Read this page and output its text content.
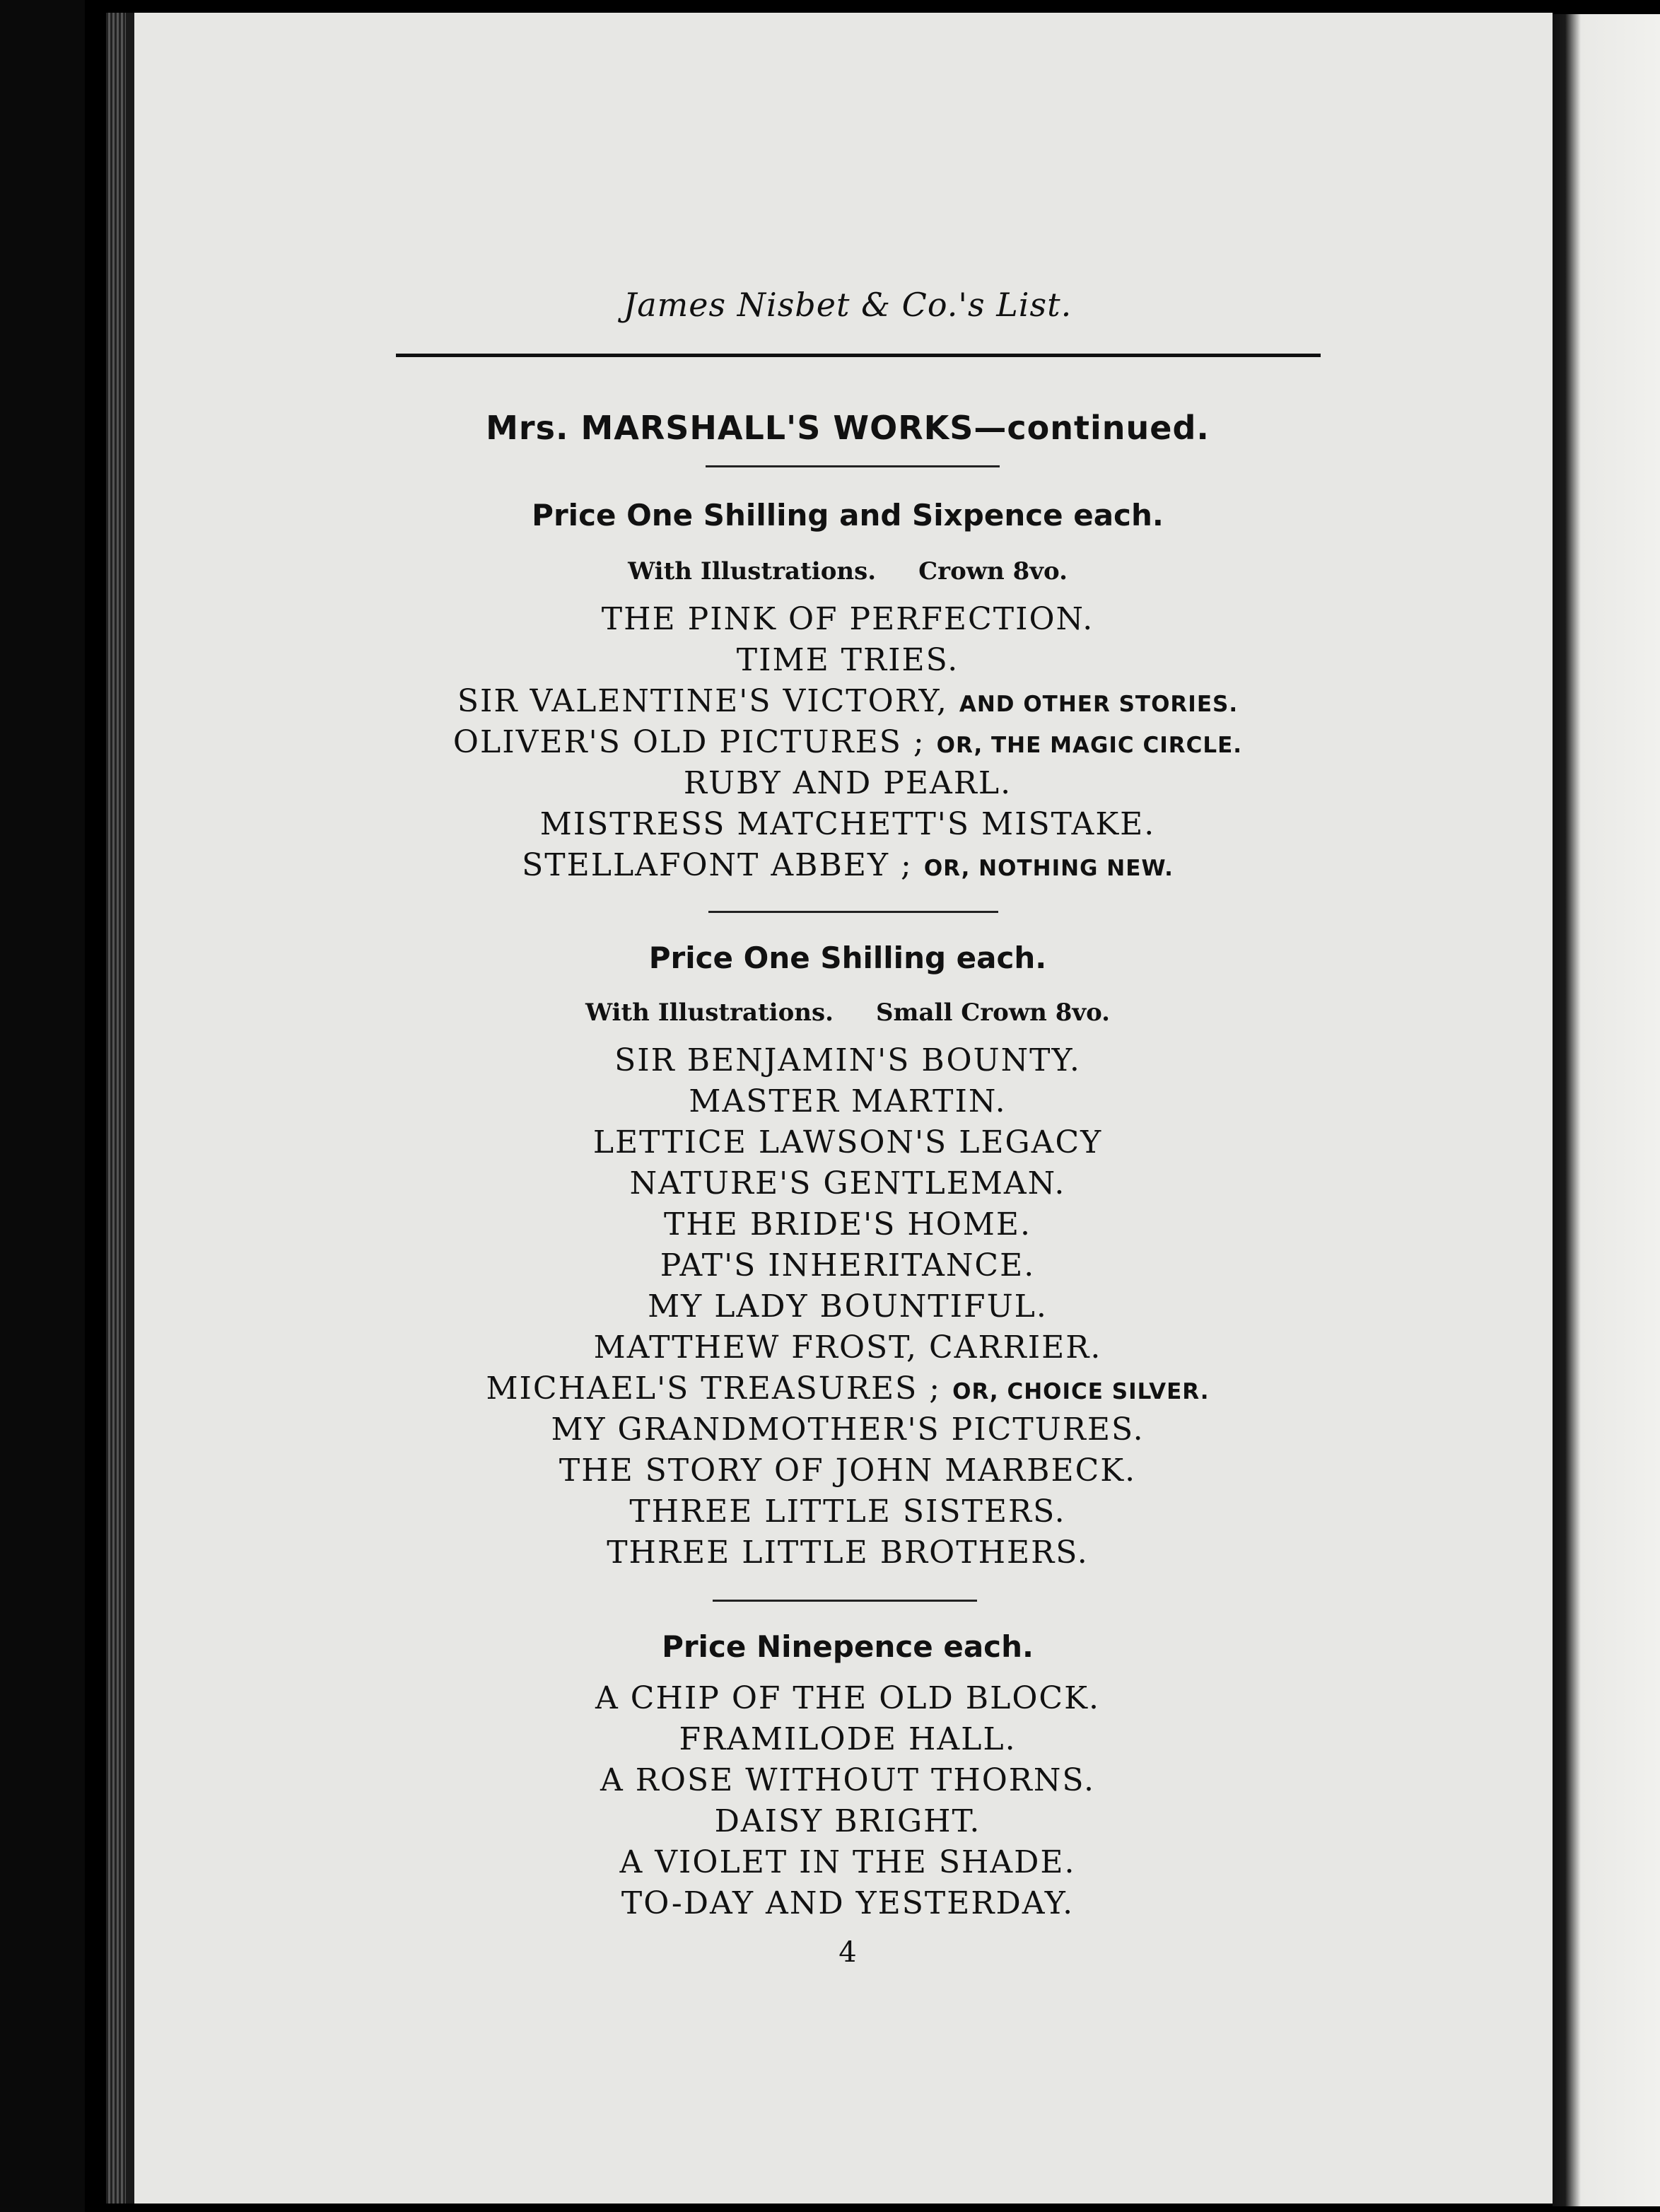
James Nisbet & Co.'s List.
Mrs. MARSHALL'S WORKS—continued.
Price One Shilling and Sixpence each.
With Illustrations. Crown 8vo.
THE PINK OF PERFECTION.
TIME TRIES.
SIR VALENTINE'S VICTORY, AND OTHER STORIES.
OLIVER'S OLD PICTURES ; OR, THE MAGIC CIRCLE.
RUBY AND PEARL.
MISTRESS MATCHETT'S MISTAKE.
STELLAFONT ABBEY ; OR, NOTHING NEW.
Price One Shilling each.
With Illustrations. Small Crown 8vo.
SIR BENJAMIN'S BOUNTY.
MASTER MARTIN.
LETTICE LAWSON'S LEGACY
NATURE'S GENTLEMAN.
THE BRIDE'S HOME.
PAT'S INHERITANCE.
MY LADY BOUNTIFUL.
MATTHEW FROST, CARRIER.
MICHAEL'S TREASURES ; OR, CHOICE SILVER.
MY GRANDMOTHER'S PICTURES.
THE STORY OF JOHN MARBECK.
THREE LITTLE SISTERS.
THREE LITTLE BROTHERS.
Price Ninepence each.
A CHIP OF THE OLD BLOCK.
FRAMILODE HALL.
A ROSE WITHOUT THORNS.
DAISY BRIGHT.
A VIOLET IN THE SHADE.
TO-DAY AND YESTERDAY.
4
